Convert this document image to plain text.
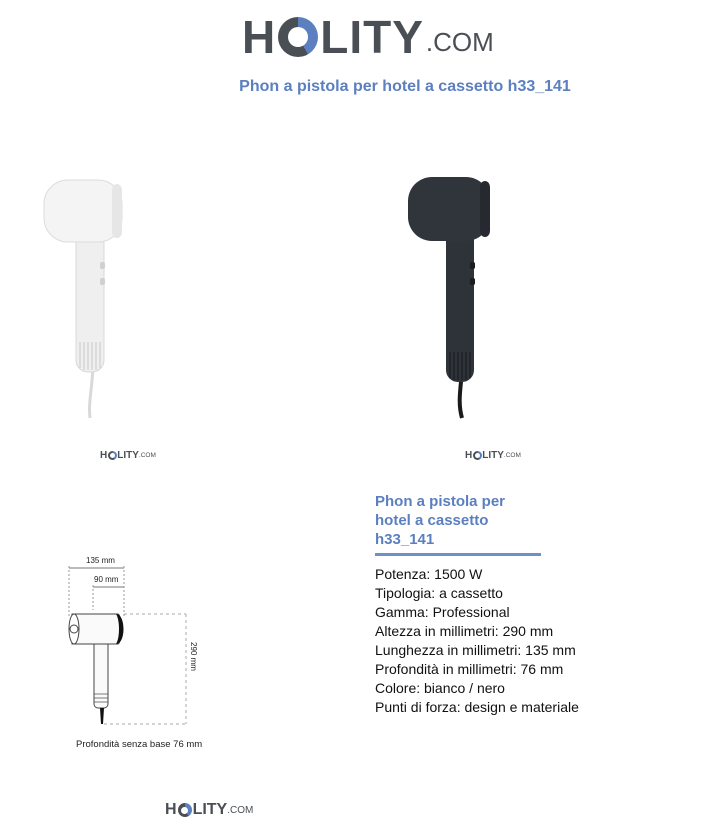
H LITY .COM
Phon a pistola per hotel a cassetto h33_141
H LITY .COM	H LITY .COM
135 mm
90 mm
290 mm
Profondità senza base 76 mm
Phon a pistola per hotel a cassetto h33_141
Potenza: 1500 W
Tipologia: a cassetto
Gamma: Professional
Altezza in millimetri: 290 mm
Lunghezza in millimetri: 135 mm
Profondità in millimetri: 76 mm
Colore: bianco / nero
Punti di forza: design e materiale
H LITY .COM
